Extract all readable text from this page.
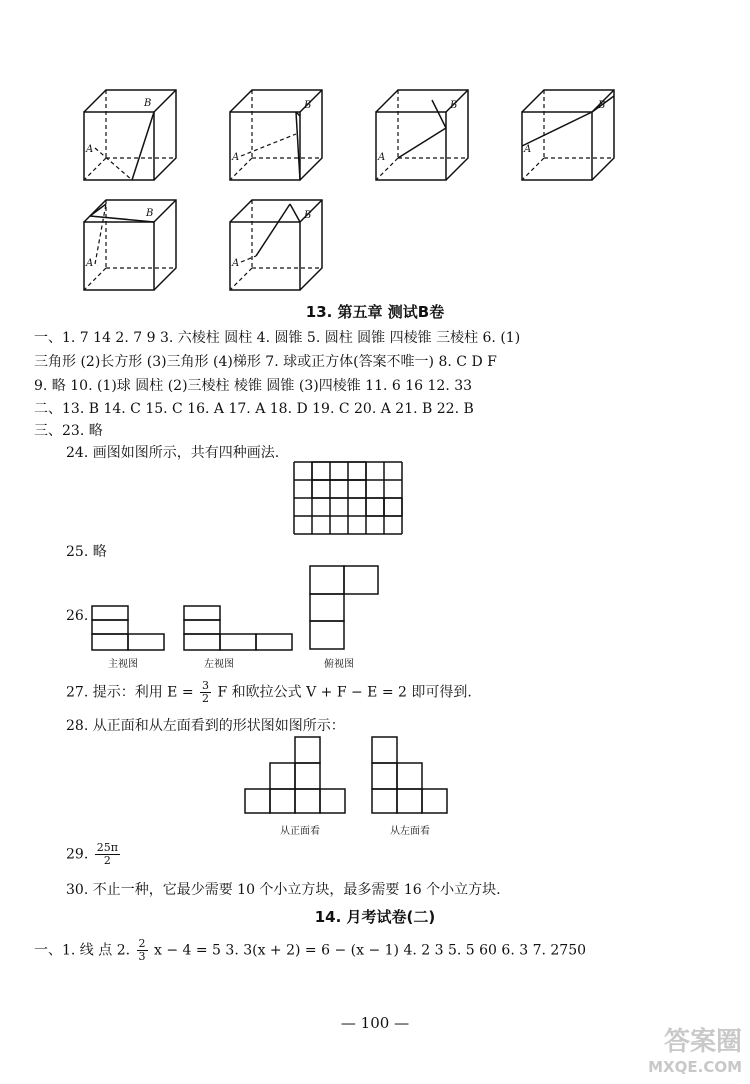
B
A
B
A
B
A
B
A
B
A
B
A
13. 第五章 测试B卷
一、1. 7 14 2. 7 9 3. 六棱柱 圆柱 4. 圆锥 5. 圆柱 圆锥 四棱锥 三棱柱 6. (1)
三角形 (2)长方形 (3)三角形 (4)梯形 7. 球或正方体(答案不唯一) 8. C D F
9. 略 10. (1)球 圆柱 (2)三棱柱 棱锥 圆锥 (3)四棱锥 11. 6 16 12. 33
二、13. B 14. C 15. C 16. A 17. A 18. D 19. C 20. A 21. B 22. B
三、23. 略
24. 画图如图所示，共有四种画法.
25. 略
26.
主视图	左视图	俯视图
27. 提示：利用 $E = \frac{3}{2}$ F 和欧拉公式 V + F − E = 2 即可得到.
28. 从正面和从左面看到的形状图如图所示：
从正面看	从左面看
29. $\frac{25\pi}{2}$
30. 不止一种，它最少需要 10 个小立方块，最多需要 16 个小立方块.
14. 月考试卷(二)
一、1. 线 点 2. $\frac{2}{3}$ x − 4 = 5 3. 3(x + 2) = 6 − (x − 1) 4. 2 3 5. 5 60 6. 3 7. 2750
— 100 —
答案圈
MXQE.COM
